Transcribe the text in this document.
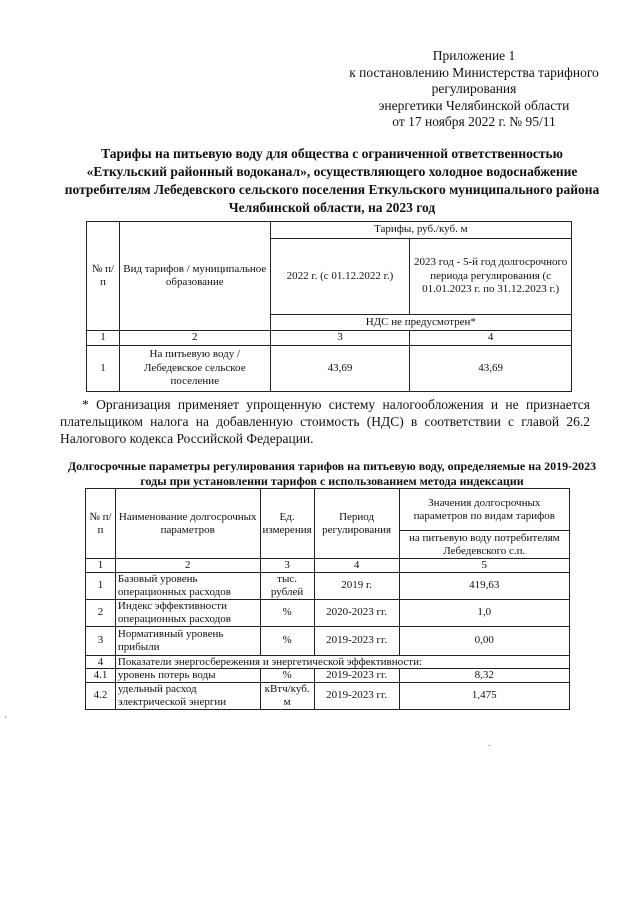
Приложение 1
к постановлению Министерства тарифного
регулирования
энергетики Челябинской области
от 17 ноября 2022 г. № 95/11
Тарифы на питьевую воду для общества с ограниченной ответственностью «Еткульский районный водоканал», осуществляющего холодное водоснабжение потребителям Лебедевского сельского поселения Еткульского муниципального района Челябинской области, на 2023 год
№ п/п	Вид тарифов / муниципальное образование	Тарифы, руб./куб. м	
		2022 г. (с 01.12.2022 г.)	2023 год - 5-й год долгосрочного периода регулирования (с 01.01.2023 г. по 31.12.2023 г.)
		НДС не предусмотрен*	
1	2	3	4
1	На питьевую воду / Лебедевское сельское поселение	43,69	43,69
* Организация применяет упрощенную систему налогообложения и не признается плательщиком налога на добавленную стоимость (НДС) в соответствии с главой 26.2 Налогового кодекса Российской Федерации.
Долгосрочные параметры регулирования тарифов на питьевую воду, определяемые на 2019-2023 годы при установлении тарифов с использованием метода индексации
№ п/п	Наименование долгосрочных параметров	Ед. измерения	Период регулирования	Значения долгосрочных параметров по видам тарифов
				на питьевую воду потребителям Лебедевского с.п.
1	2	3	4	5
1	Базовый уровень операционных расходов	тыс. рублей	2019 г.	419,63
2	Индекс эффективности операционных расходов	%	2020-2023 гг.	1,0
3	Нормативный уровень прибыли	%	2019-2023 гг.	0,00
4	Показатели энергосбережения и энергетической эффективности:			
4.1	уровень потерь воды	%	2019-2023 гг.	8,32
4.2	удельный расход электрической энергии	кВтч/куб. м	2019-2023 гг.	1,475
'
.
